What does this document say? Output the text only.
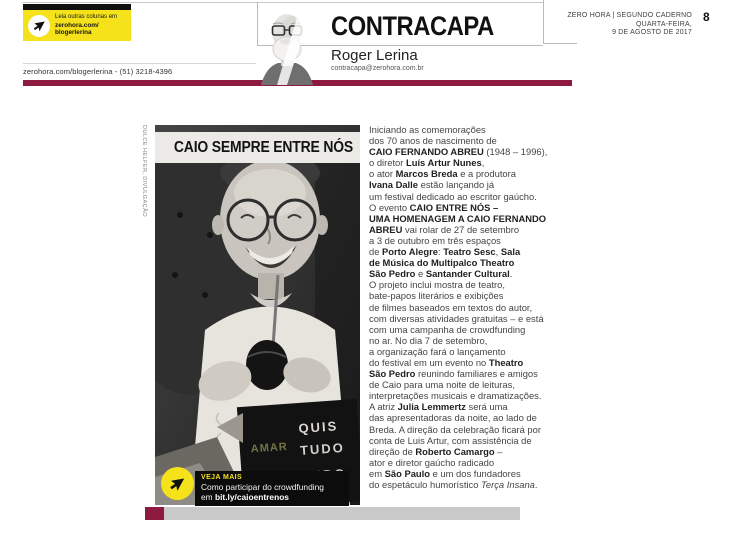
Leia outras colunas em
zerohora.com/
blogerlerina
zerohora.com/blogerlerina - (51) 3218-4396
CONTRACAPA
Roger Lerina
contracapa@zerohora.com.br
ZERO HORA | SEGUNDO CADERNO
QUARTA-FEIRA,
9 DE AGOSTO DE 2017
8
DULCE HELFER, DIVULGAÇÃO
QUIS
TUDO
AMAR
CAIO SEMPRE ENTRE NÓS
VEJA MAIS
Como participar do crowdfunding
em bit.ly/caioentrenos
Iniciando as comemorações
dos 70 anos de nascimento de
CAIO FERNANDO ABREU (1948 – 1996),
o diretor Luís Artur Nunes,
o ator Marcos Breda e a produtora
Ivana Dalle estão lançando já
um festival dedicado ao escritor gaúcho.
O evento CAIO ENTRE NÓS –
UMA HOMENAGEM A CAIO FERNANDO
ABREU vai rolar de 27 de setembro
a 3 de outubro em três espaços
de Porto Alegre: Teatro Sesc, Sala
de Música do Multipalco Theatro
São Pedro e Santander Cultural.
O projeto inclui mostra de teatro,
bate-papos literários e exibições
de filmes baseados em textos do autor,
com diversas atividades gratuitas – e está
com uma campanha de crowdfunding
no ar. No dia 7 de setembro,
a organização fará o lançamento
do festival em um evento no Theatro
São Pedro reunindo familiares e amigos
de Caio para uma noite de leituras,
interpretações musicais e dramatizações.
A atriz Julia Lemmertz será uma
das apresentadoras da noite, ao lado de
Breda. A direção da celebração ficará por
conta de Luis Artur, com assistência de
direção de Roberto Camargo –
ator e diretor gaúcho radicado
em São Paulo e um dos fundadores
do espetáculo humorístico Terça Insana.
